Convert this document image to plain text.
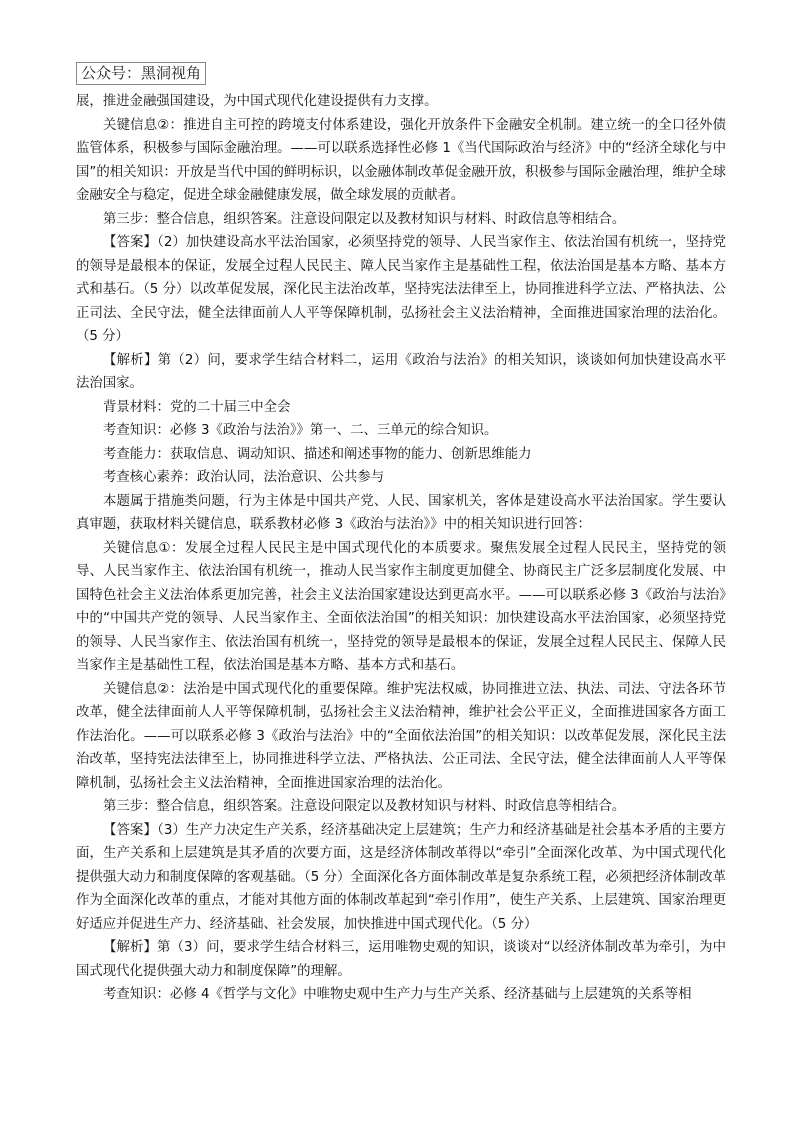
公众号：黑洞视角

展，推进金融强国建设，为中国式现代化建设提供有力支撑。

关键信息②：推进自主可控的跨境支付体系建设，强化开放条件下金融安全机制。建立统一的全口径外债监管体系，积极参与国际金融治理。——可以联系选择性必修 1《当代国际政治与经济》中的“经济全球化与中国”的相关知识：开放是当代中国的鲜明标识，以金融体制改革促金融开放，积极参与国际金融治理，维护全球金融安全与稳定，促进全球金融健康发展，做全球发展的贡献者。

第三步：整合信息，组织答案。注意设问限定以及教材知识与材料、时政信息等相结合。

【答案】（2）加快建设高水平法治国家，必须坚持党的领导、人民当家作主、依法治国有机统一，坚持党的领导是最根本的保证，发展全过程人民民主、障人民当家作主是基础性工程，依法治国是基本方略、基本方式和基石。（5 分）以改革促发展，深化民主法治改革，坚持宪法法律至上，协同推进科学立法、严格执法、公正司法、全民守法，健全法律面前人人平等保障机制，弘扬社会主义法治精神，全面推进国家治理的法治化。（5 分）

【解析】第（2）问，要求学生结合材料二，运用《政治与法治》的相关知识，谈谈如何加快建设高水平法治国家。

背景材料：党的二十届三中全会

考查知识：必修 3《政治与法治》》第一、二、三单元的综合知识。

考查能力：获取信息、调动知识、描述和阐述事物的能力、创新思维能力

考查核心素养：政治认同，法治意识、公共参与

本题属于措施类问题，行为主体是中国共产党、人民、国家机关，客体是建设高水平法治国家。学生要认真审题，获取材料关键信息，联系教材必修 3《政治与法治》》中的相关知识进行回答：

关键信息①：发展全过程人民民主是中国式现代化的本质要求。聚焦发展全过程人民民主，坚持党的领导、人民当家作主、依法治国有机统一，推动人民当家作主制度更加健全、协商民主广泛多层制度化发展、中国特色社会主义法治体系更加完善，社会主义法治国家建设达到更高水平。——可以联系必修 3《政治与法治》中的“中国共产党的领导、人民当家作主、全面依法治国”的相关知识：加快建设高水平法治国家，必须坚持党的领导、人民当家作主、依法治国有机统一，坚持党的领导是最根本的保证，发展全过程人民民主、保障人民当家作主是基础性工程，依法治国是基本方略、基本方式和基石。

关键信息②：法治是中国式现代化的重要保障。维护宪法权威，协同推进立法、执法、司法、守法各环节改革，健全法律面前人人平等保障机制，弘扬社会主义法治精神，维护社会公平正义，全面推进国家各方面工作法治化。——可以联系必修 3《政治与法治》中的“全面依法治国”的相关知识：以改革促发展，深化民主法治改革，坚持宪法法律至上，协同推进科学立法、严格执法、公正司法、全民守法，健全法律面前人人平等保障机制，弘扬社会主义法治精神，全面推进国家治理的法治化。

第三步：整合信息，组织答案。注意设问限定以及教材知识与材料、时政信息等相结合。

【答案】（3）生产力决定生产关系，经济基础决定上层建筑；生产力和经济基础是社会基本矛盾的主要方面，生产关系和上层建筑是其矛盾的次要方面，这是经济体制改革得以“牵引”全面深化改革、为中国式现代化提供强大动力和制度保障的客观基础。（5 分）全面深化各方面体制改革是复杂系统工程，必须把经济体制改革作为全面深化改革的重点，才能对其他方面的体制改革起到“牵引作用”，使生产关系、上层建筑、国家治理更好适应并促进生产力、经济基础、社会发展，加快推进中国式现代化。（5 分）

【解析】第（3）问，要求学生结合材料三，运用唯物史观的知识，谈谈对“以经济体制改革为牵引，为中国式现代化提供强大动力和制度保障”的理解。

考查知识：必修 4《哲学与文化》中唯物史观中生产力与生产关系、经济基础与上层建筑的关系等相
